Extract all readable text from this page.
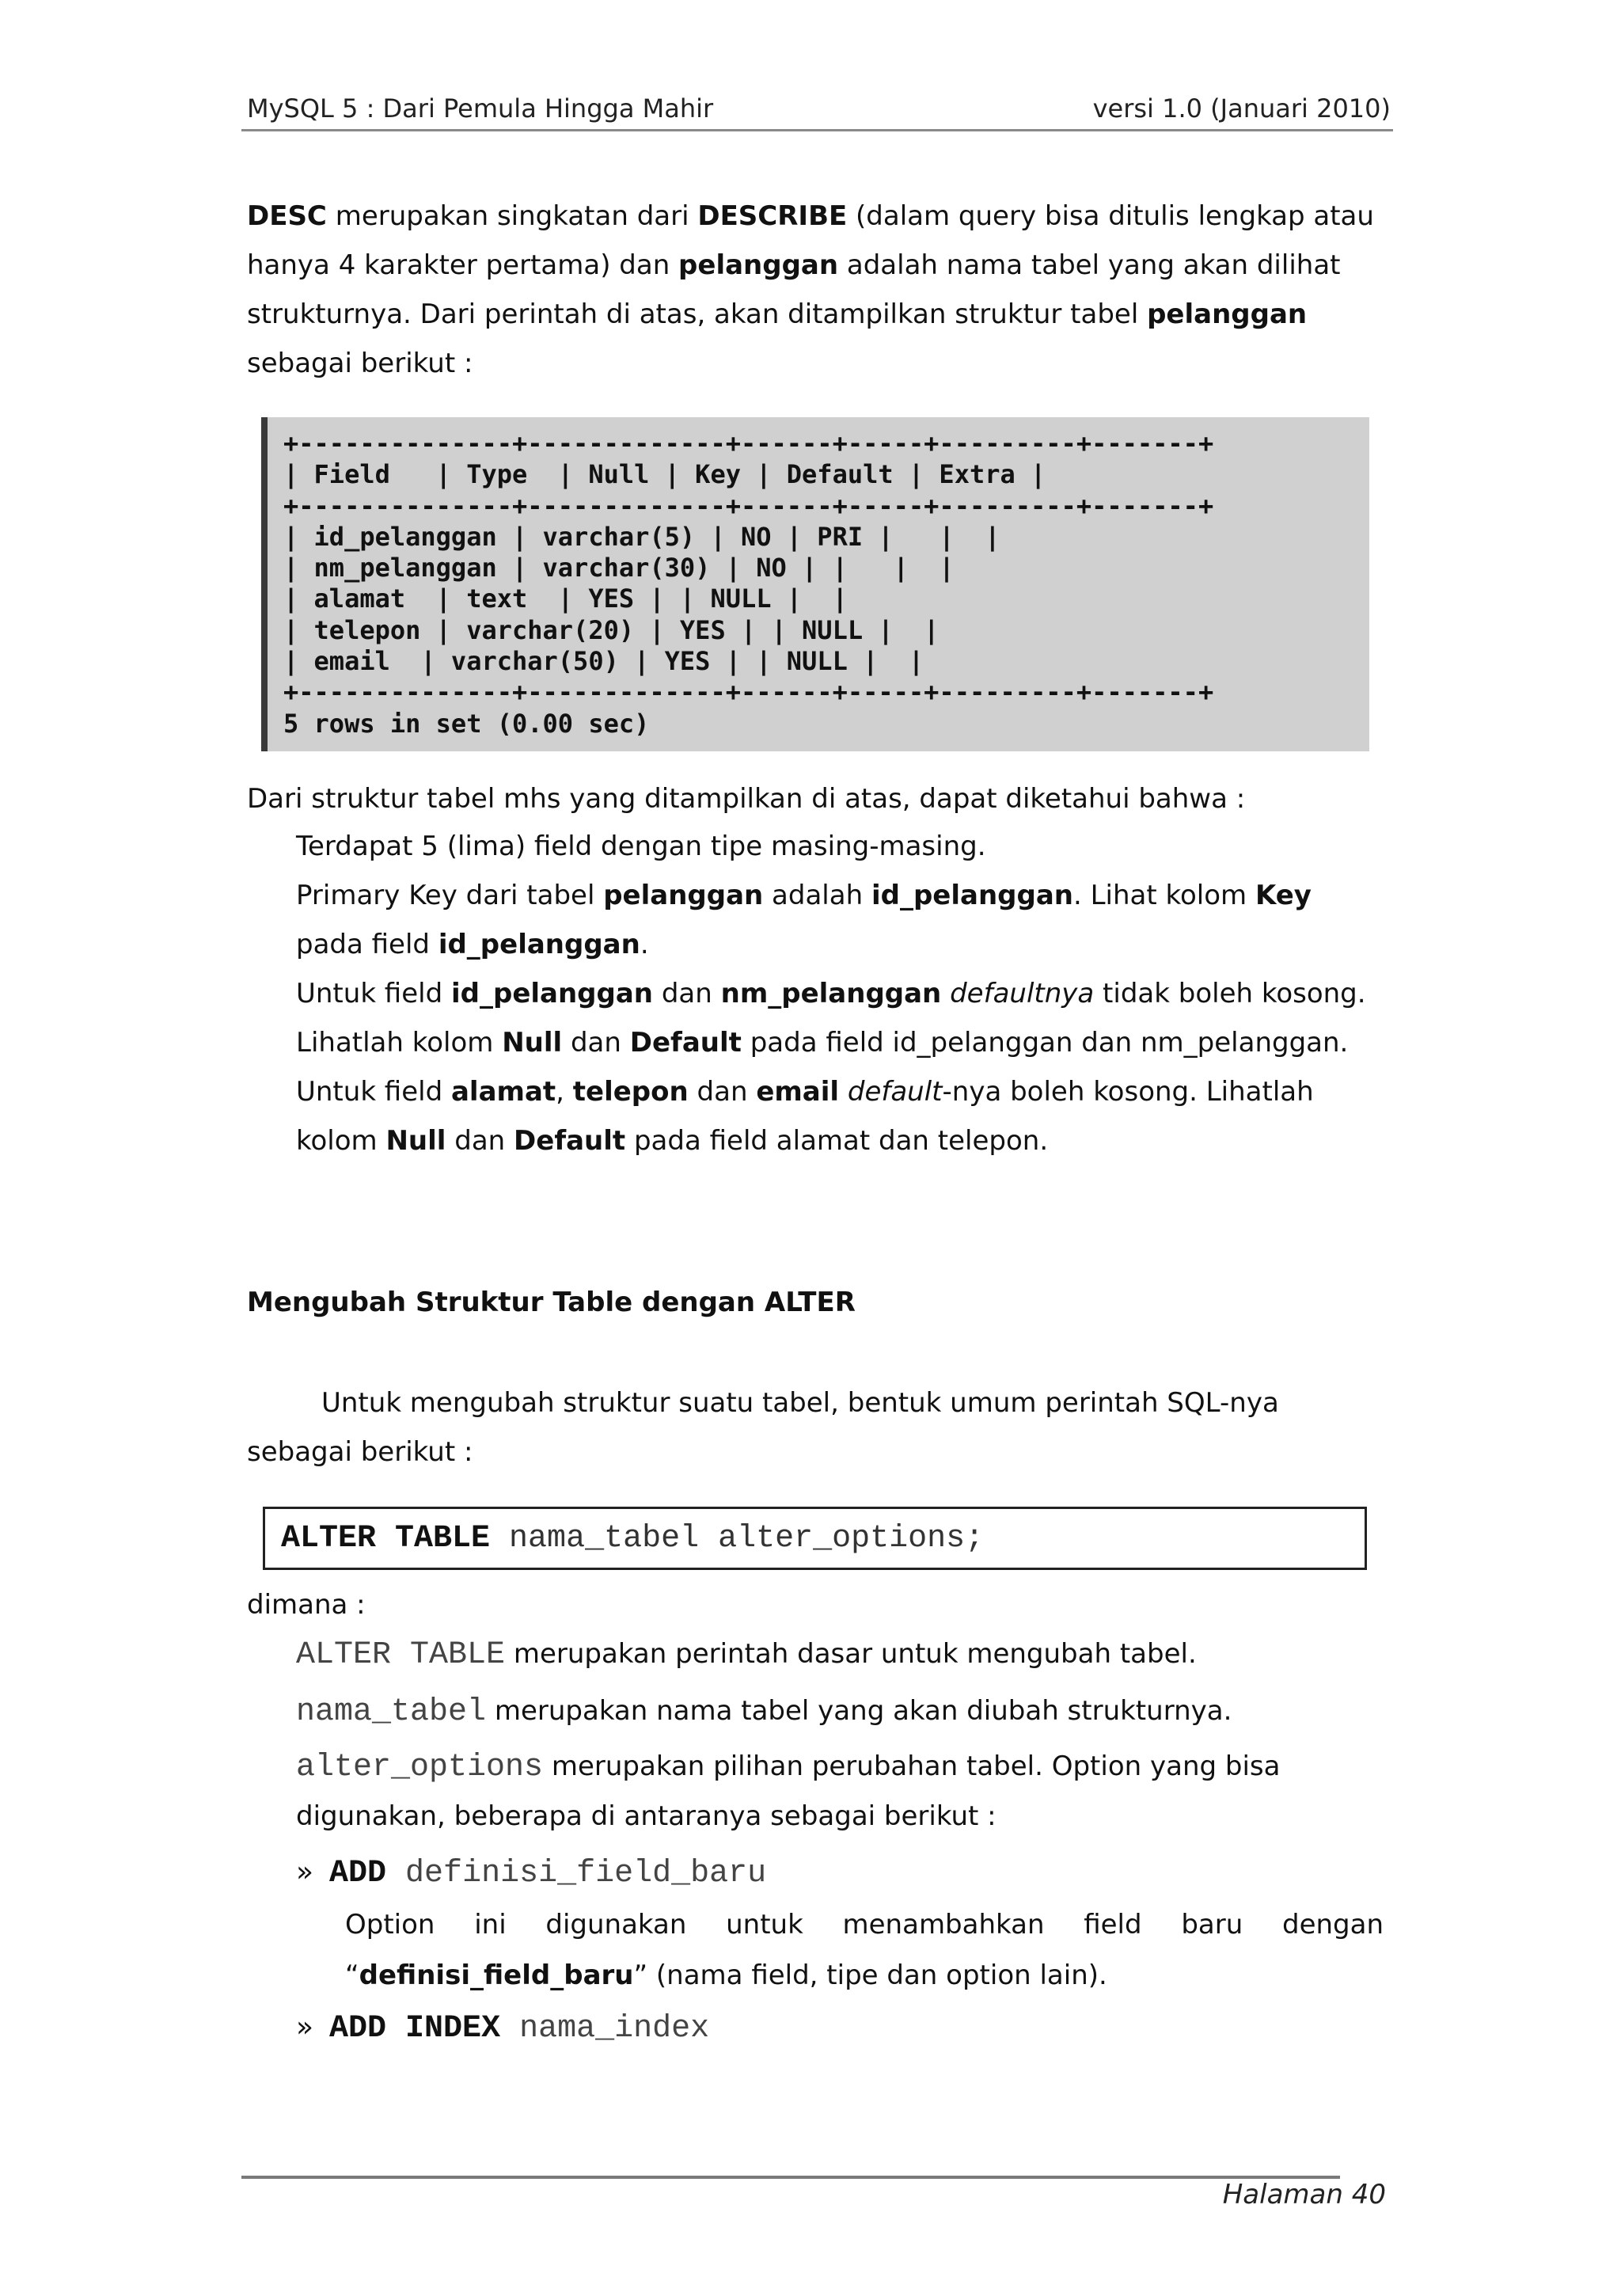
MySQL 5 : Dari Pemula Hingga Mahir	versi 1.0 (Januari 2010)
DESC merupakan singkatan dari DESCRIBE (dalam query bisa ditulis lengkap atau hanya 4 karakter pertama) dan pelanggan adalah nama tabel yang akan dilihat strukturnya. Dari perintah di atas, akan ditampilkan struktur tabel pelanggan sebagai berikut :
+--------------+-------------+------+-----+---------+-------+
| Field   | Type  | Null | Key | Default | Extra |
+--------------+-------------+------+-----+---------+-------+
| id_pelanggan | varchar(5) | NO | PRI |   |  |
| nm_pelanggan | varchar(30) | NO | |   |  |
| alamat  | text  | YES | | NULL |  |
| telepon | varchar(20) | YES | | NULL |  |
| email  | varchar(50) | YES | | NULL |  |
+--------------+-------------+------+-----+---------+-------+
5 rows in set (0.00 sec)
Dari struktur tabel mhs yang ditampilkan di atas, dapat diketahui bahwa :

Terdapat 5 (lima) field dengan tipe masing-masing.

Primary Key dari tabel pelanggan adalah id_pelanggan. Lihat kolom Key
pada field id_pelanggan.

Untuk field id_pelanggan dan nm_pelanggan defaultnya tidak boleh kosong. Lihatlah kolom Null dan Default pada field id_pelanggan dan nm_pelanggan.

Untuk field alamat, telepon dan email default-nya boleh kosong. Lihatlah kolom Null dan Default pada field alamat dan telepon.

Mengubah Struktur Table dengan ALTER
Untuk mengubah struktur suatu tabel, bentuk umum perintah SQL-nya sebagai berikut :
ALTER TABLE nama_tabel alter_options;
dimana :
ALTER TABLE merupakan perintah dasar untuk mengubah tabel.
nama_tabel merupakan nama tabel yang akan diubah strukturnya.
alter_options merupakan pilihan perubahan tabel. Option yang bisa
digunakan, beberapa di antaranya sebagai berikut :
» ADD definisi_field_baru
Option ini digunakan untuk menambahkan field baru dengan
“definisi_field_baru” (nama field, tipe dan option lain).
» ADD INDEX nama_index
Halaman 40
